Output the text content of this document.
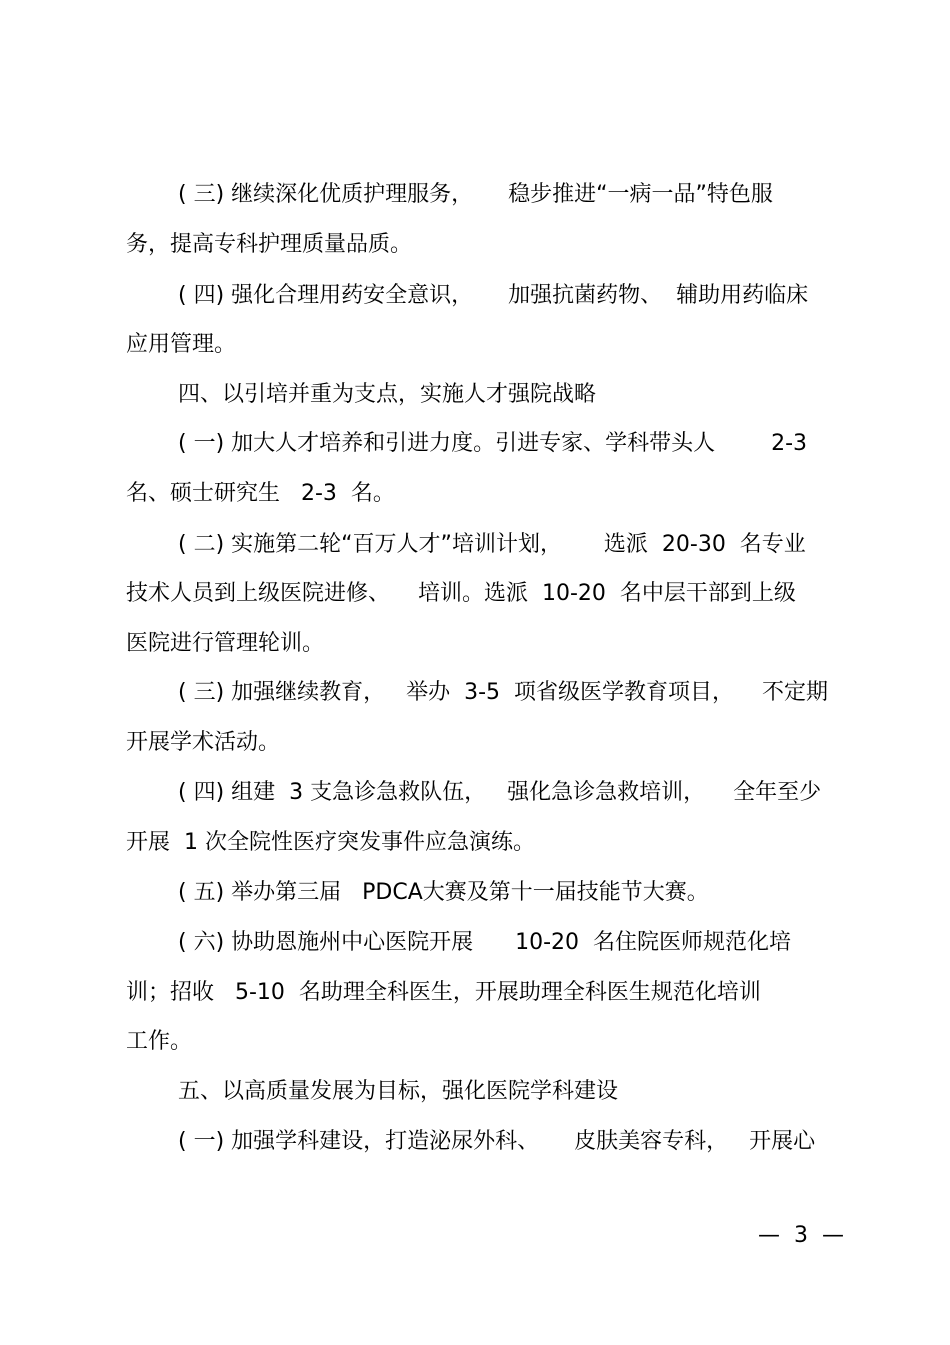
( 三) 继续深化优质护理服务，     稳步推进“一病一品”特色服
务，提高专科护理质量品质。
( 四) 强化合理用药安全意识，     加强抗菌药物、  辅助用药临床
应用管理。
四、以引培并重为支点，实施人才强院战略
( 一) 加大人才培养和引进力度。引进专家、学科带头人        2-3
名、硕士研究生   2-3  名。
( 二) 实施第二轮“百万人才”培训计划，      选派  20-30  名专业
技术人员到上级医院进修、    培训。选派  10-20  名中层干部到上级
医院进行管理轮训。
( 三) 加强继续教育，   举办  3-5  项省级医学教育项目，    不定期
开展学术活动。
( 四) 组建  3 支急诊急救队伍，   强化急诊急救培训，    全年至少
开展  1 次全院性医疗突发事件应急演练。
( 五) 举办第三届   PDCA大赛及第十一届技能节大赛。
( 六) 协助恩施州中心医院开展      10-20  名住院医师规范化培
训；招收   5-10  名助理全科医生，开展助理全科医生规范化培训
工作。
五、以高质量发展为目标，强化医院学科建设
( 一) 加强学科建设，打造泌尿外科、     皮肤美容专科，   开展心
—  3  —
